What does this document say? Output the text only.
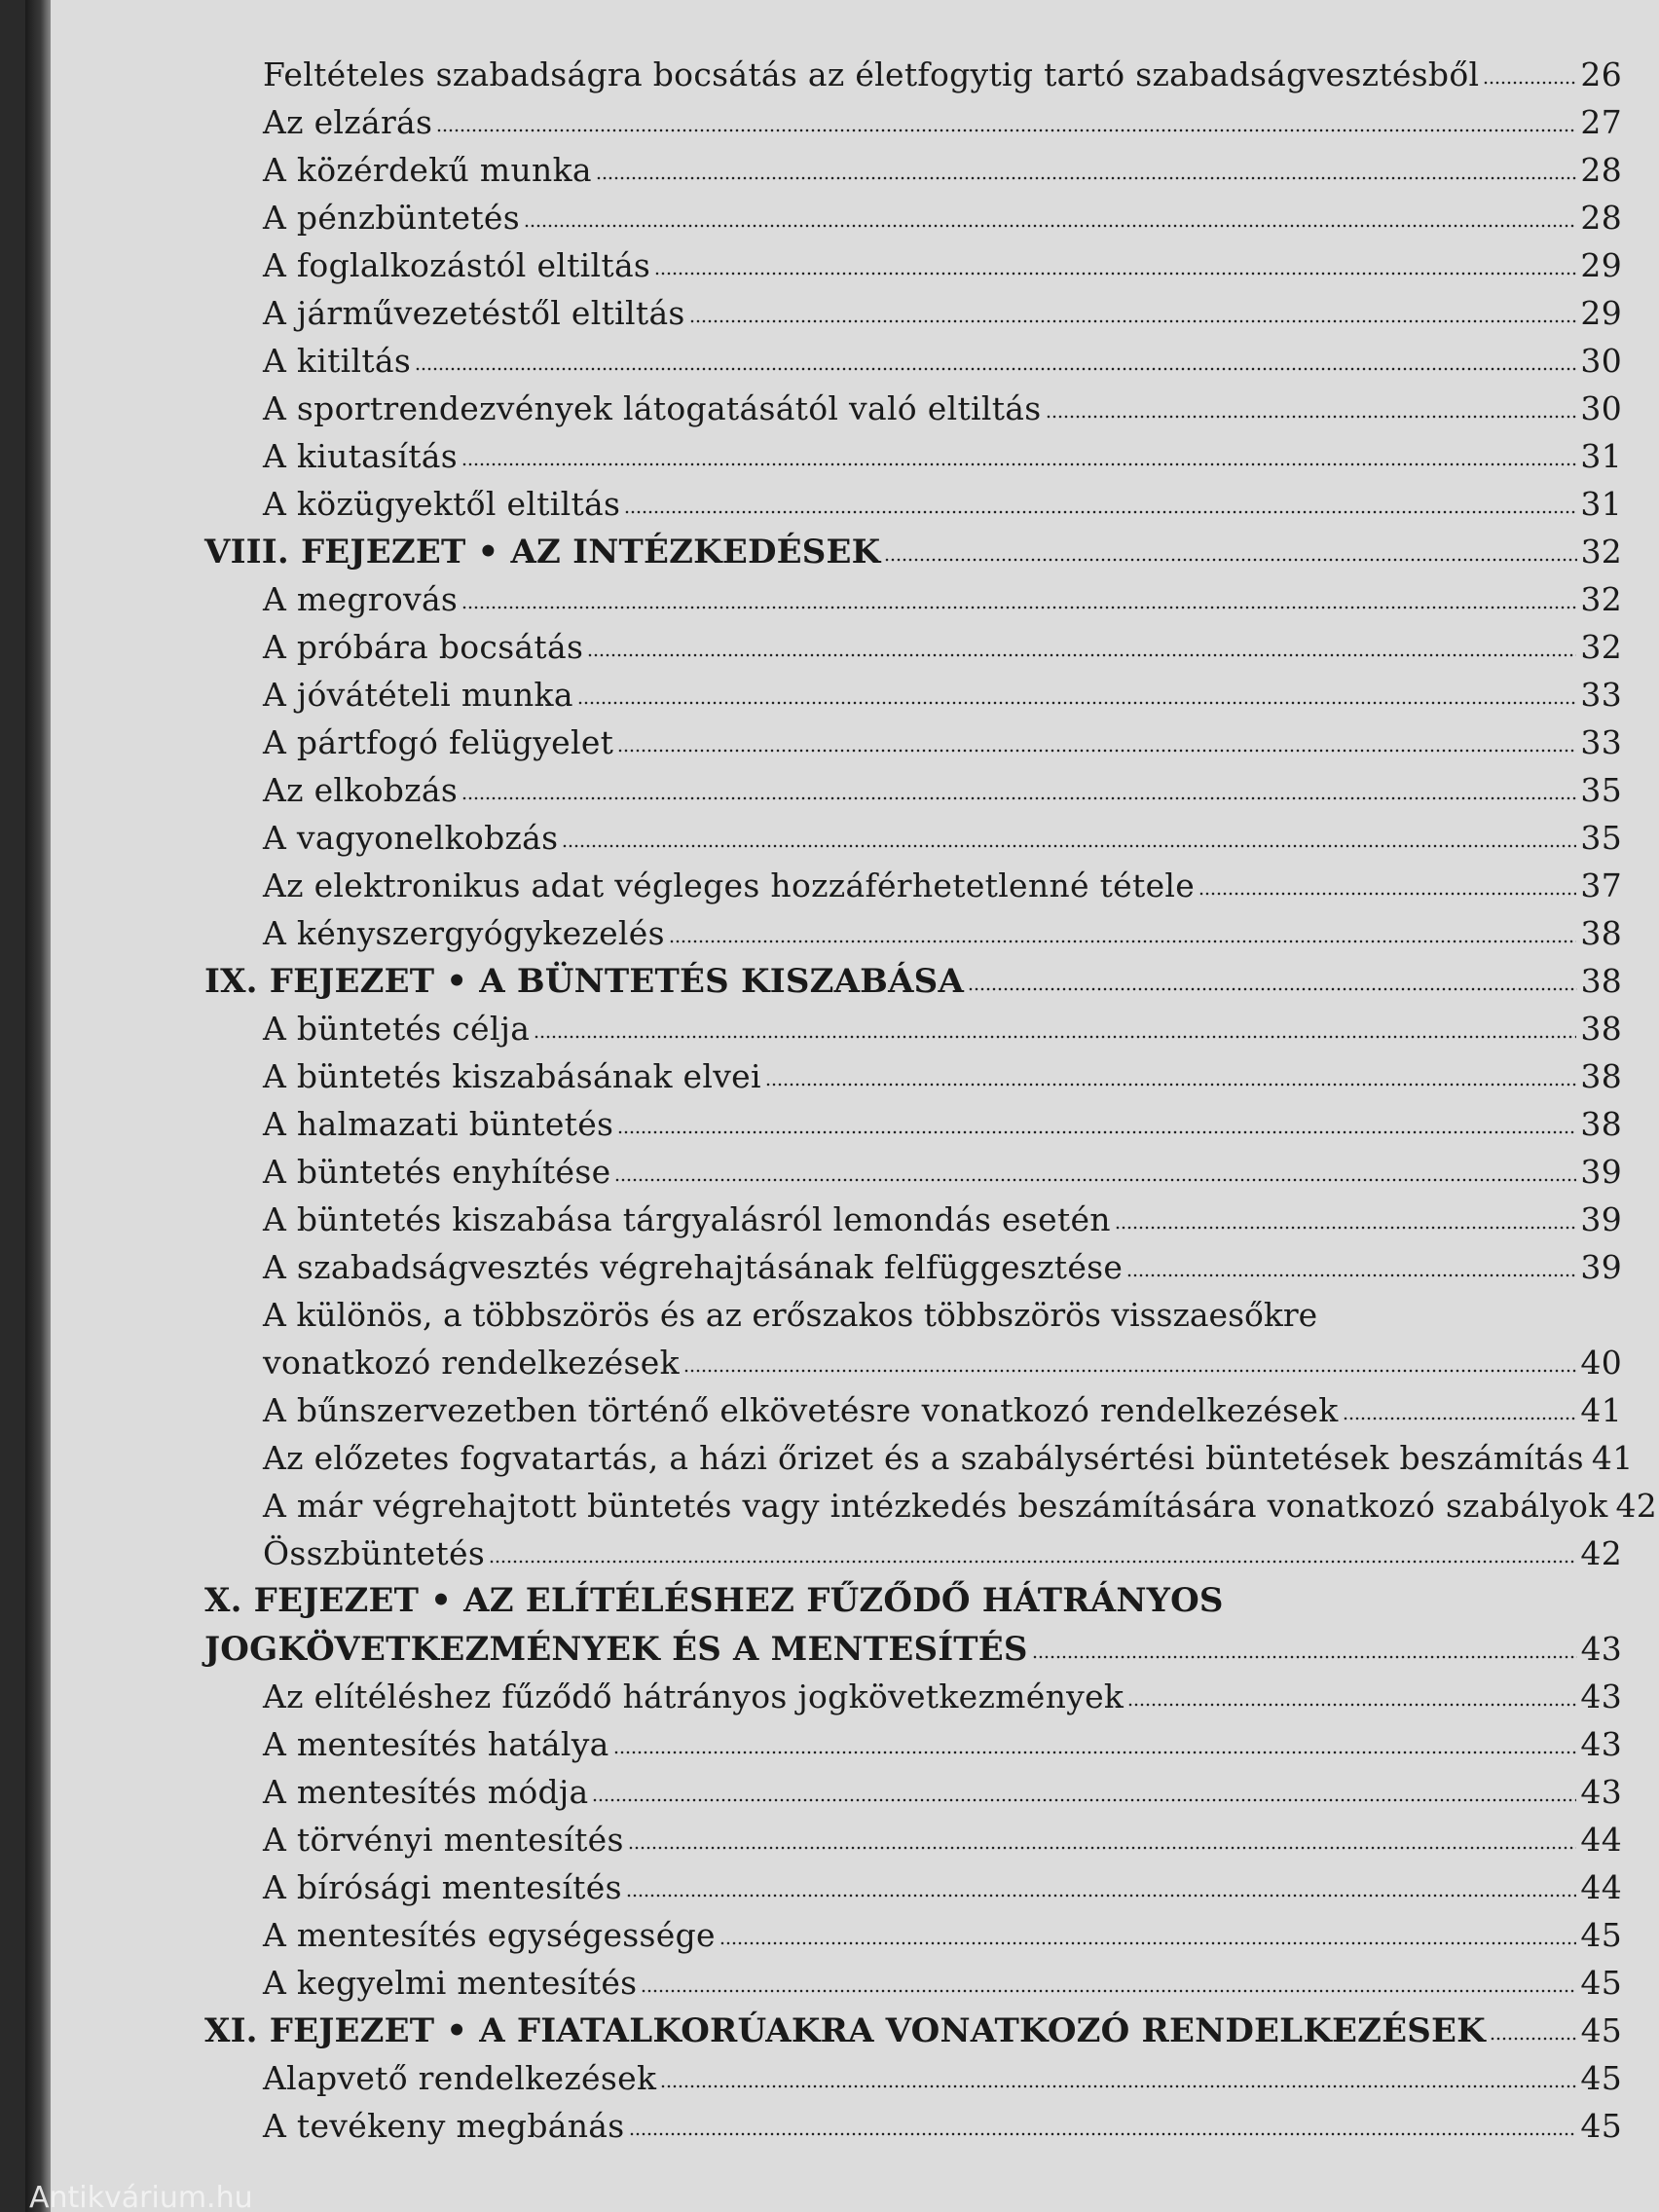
Feltételes szabadságra bocsátás az életfogytig tartó szabadságvesztésből	26
Az elzárás	27
A közérdekű munka	28
A pénzbüntetés	28
A foglalkozástól eltiltás	29
A járművezetéstől eltiltás	29
A kitiltás	30
A sportrendezvények látogatásától való eltiltás	30
A kiutasítás	31
A közügyektől eltiltás	31
VIII. FEJEZET • AZ INTÉZKEDÉSEK	32
A megrovás	32
A próbára bocsátás	32
A jóvátételi munka	33
A pártfogó felügyelet	33
Az elkobzás	35
A vagyonelkobzás	35
Az elektronikus adat végleges hozzáférhetetlenné tétele	37
A kényszergyógykezelés	38
IX. FEJEZET • A BÜNTETÉS KISZABÁSA	38
A büntetés célja	38
A büntetés kiszabásának elvei	38
A halmazati büntetés	38
A büntetés enyhítése	39
A büntetés kiszabása tárgyalásról lemondás esetén	39
A szabadságvesztés végrehajtásának felfüggesztése	39
A különös, a többszörös és az erőszakos többszörös visszaesőkre
vonatkozó rendelkezések	40
A bűnszervezetben történő elkövetésre vonatkozó rendelkezések	41
Az előzetes fogvatartás, a házi őrizet és a szabálysértési büntetések beszámítás 41
A már végrehajtott büntetés vagy intézkedés beszámítására vonatkozó szabályok 42
Összbüntetés	42
X. FEJEZET • AZ ELÍTÉLÉSHEZ FŰZŐDŐ HÁTRÁNYOS
JOGKÖVETKEZMÉNYEK ÉS A MENTESÍTÉS	43
Az elítéléshez fűződő hátrányos jogkövetkezmények	43
A mentesítés hatálya	43
A mentesítés módja	43
A törvényi mentesítés	44
A bírósági mentesítés	44
A mentesítés egységessége	45
A kegyelmi mentesítés	45
XI. FEJEZET • A FIATALKORÚAKRA VONATKOZÓ RENDELKEZÉSEK	45
Alapvető rendelkezések	45
A tevékeny megbánás	45
Antikvárium.hu
